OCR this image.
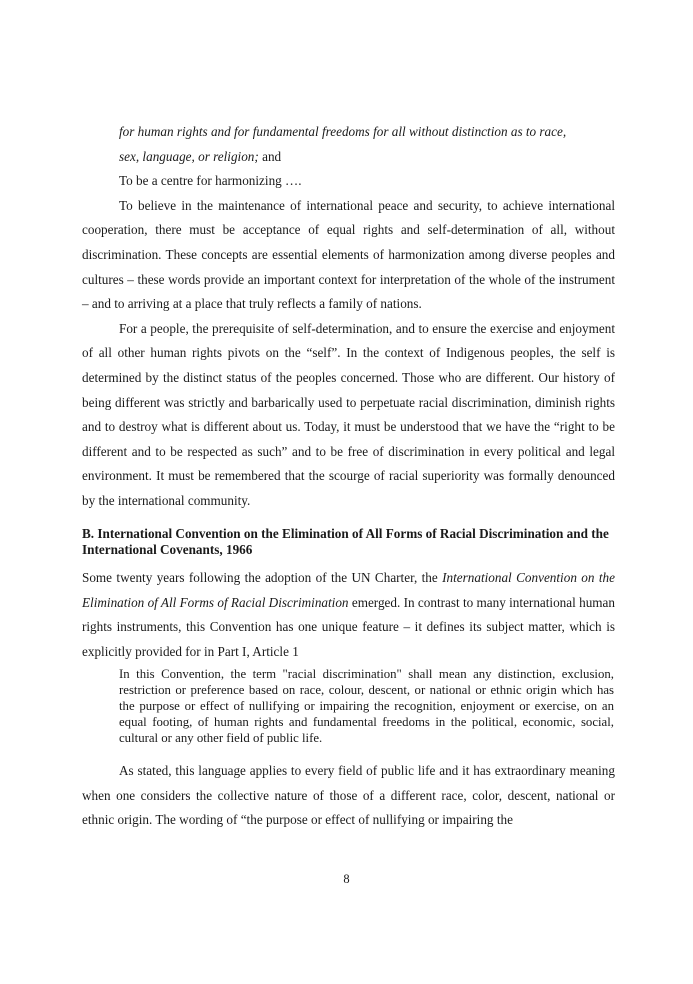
for human rights and for fundamental freedoms for all without distinction as to race,

sex, language, or religion; and

To be a centre for harmonizing ….

To believe in the maintenance of international peace and security, to achieve international cooperation, there must be acceptance of equal rights and self-determination of all, without discrimination. These concepts are essential elements of harmonization among diverse peoples and cultures – these words provide an important context for interpretation of the whole of the instrument – and to arriving at a place that truly reflects a family of nations.

For a people, the prerequisite of self-determination, and to ensure the exercise and enjoyment of all other human rights pivots on the “self”. In the context of Indigenous peoples, the self is determined by the distinct status of the peoples concerned. Those who are different. Our history of being different was strictly and barbarically used to perpetuate racial discrimination, diminish rights and to destroy what is different about us. Today, it must be understood that we have the “right to be different and to be respected as such” and to be free of discrimination in every political and legal environment. It must be remembered that the scourge of racial superiority was formally denounced by the international community.

B. International Convention on the Elimination of All Forms of Racial Discrimination and the International Covenants, 1966

Some twenty years following the adoption of the UN Charter, the International Convention on the Elimination of All Forms of Racial Discrimination emerged. In contrast to many international human rights instruments, this Convention has one unique feature – it defines its subject matter, which is explicitly provided for in Part I, Article 1

In this Convention, the term "racial discrimination" shall mean any distinction, exclusion, restriction or preference based on race, colour, descent, or national or ethnic origin which has the purpose or effect of nullifying or impairing the recognition, enjoyment or exercise, on an equal footing, of human rights and fundamental freedoms in the political, economic, social, cultural or any other field of public life.

As stated, this language applies to every field of public life and it has extraordinary meaning when one considers the collective nature of those of a different race, color, descent, national or ethnic origin. The wording of “the purpose or effect of nullifying or impairing the

8
